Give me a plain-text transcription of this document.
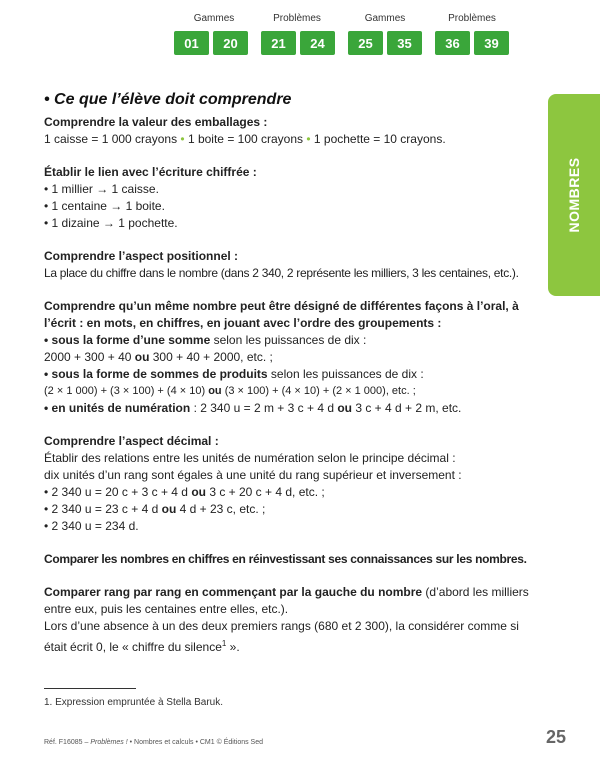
Gammes
01	20
Problèmes
21	24
Gammes
25	35
Problèmes
36	39
NOMBRES
• Ce que l’élève doit comprendre

Comprendre la valeur des emballages :

1 caisse = 1 000 crayons • 1 boite = 100 crayons • 1 pochette = 10 crayons.

Établir le lien avec l’écriture chiffrée :

• 1 millier → 1 caisse.

• 1 centaine → 1 boite.

• 1 dizaine → 1 pochette.

Comprendre l’aspect positionnel :

La place du chiffre dans le nombre (dans 2 340, 2 représente les milliers, 3 les centaines, etc.).

Comprendre qu’un même nombre peut être désigné de différentes façons à l’oral, à l’écrit : en mots, en chiffres, en jouant avec l’ordre des groupements :

• sous la forme d’une somme selon les puissances de dix :

2000 + 300 + 40 ou 300 + 40 + 2000, etc. ;

• sous la forme de sommes de produits selon les puissances de dix :

(2 × 1 000) + (3 × 100) + (4 × 10) ou (3 × 100) + (4 × 10) + (2 × 1 000), etc. ;

• en unités de numération : 2 340 u = 2 m + 3 c + 4 d ou 3 c + 4 d + 2 m, etc.

Comprendre l’aspect décimal :

Établir des relations entre les unités de numération selon le principe décimal :

dix unités d’un rang sont égales à une unité du rang supérieur et inversement :

• 2 340 u = 20 c + 3 c + 4 d ou 3 c + 20 c + 4 d, etc. ;

• 2 340 u = 23 c + 4 d ou 4 d + 23 c, etc. ;

• 2 340 u = 234 d.

Comparer les nombres en chiffres en réinvestissant ses connaissances sur les nombres.

Comparer rang par rang en commençant par la gauche du nombre (d’abord les milliers entre eux, puis les centaines entre elles, etc.).

Lors d’une absence à un des deux premiers rangs (680 et 2 300), la considérer comme si était écrit 0, le « chiffre du silence$^1$ ».

1. Expression empruntée à Stella Baruk.
Réf. F16085 – Problèmes ! • Nombres et calculs • CM1 © Éditions Sed	25
